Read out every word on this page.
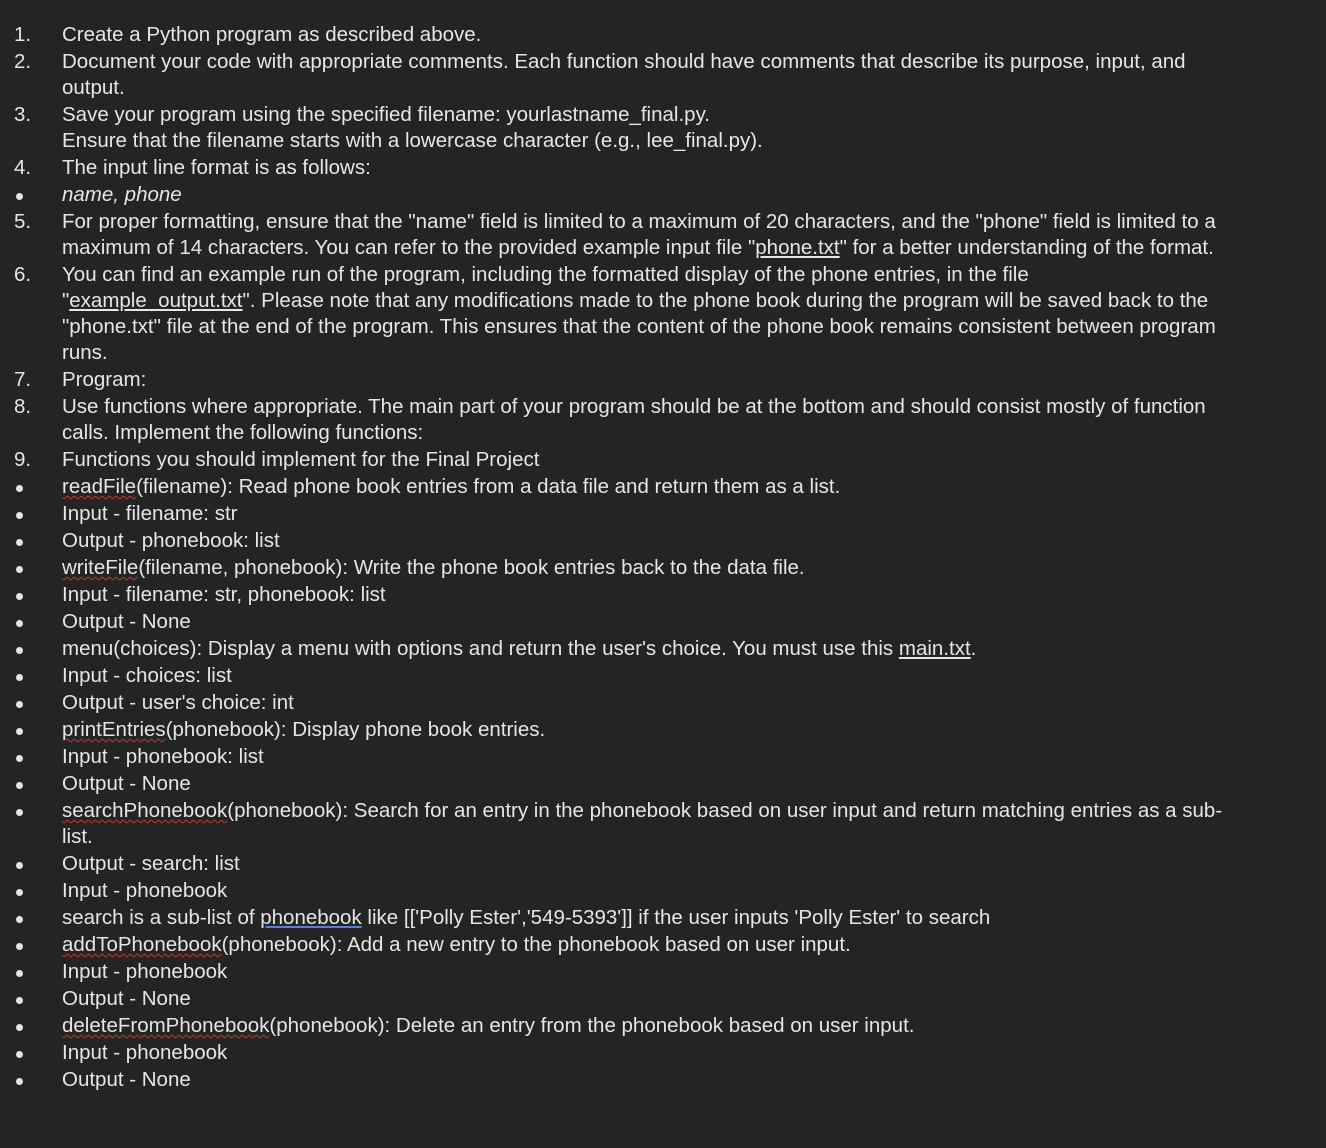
1.	Create a Python program as described above.
2.	Document your code with appropriate comments. Each function should have comments that describe its purpose, input, and output.
3.	Save your program using the specified filename: yourlastname_final.py.
Ensure that the filename starts with a lowercase character (e.g., lee_final.py).
4.	The input line format is as follows:
name, phone
5.	For proper formatting, ensure that the "name" field is limited to a maximum of 20 characters, and the "phone" field is limited to a maximum of 14 characters. You can refer to the provided example input file "phone.txt" for a better understanding of the format.
6.	You can find an example run of the program, including the formatted display of the phone entries, in the file "example_output.txt". Please note that any modifications made to the phone book during the program will be saved back to the "phone.txt" file at the end of the program. This ensures that the content of the phone book remains consistent between program runs.
7.	Program:
8.	Use functions where appropriate. The main part of your program should be at the bottom and should consist mostly of function calls. Implement the following functions:
9.	Functions you should implement for the Final Project
readFile(filename): Read phone book entries from a data file and return them as a list.
Input - filename: str
Output - phonebook: list
writeFile(filename, phonebook): Write the phone book entries back to the data file.
Input - filename: str, phonebook: list
Output - None
menu(choices): Display a menu with options and return the user's choice. You must use this main.txt.
Input - choices: list
Output - user's choice: int
printEntries(phonebook): Display phone book entries.
Input - phonebook: list
Output - None
searchPhonebook(phonebook): Search for an entry in the phonebook based on user input and return matching entries as a sub-list.
Output - search: list
Input - phonebook
search is a sub-list of phonebook like [['Polly Ester','549-5393']] if the user inputs 'Polly Ester' to search
addToPhonebook(phonebook): Add a new entry to the phonebook based on user input.
Input - phonebook
Output - None
deleteFromPhonebook(phonebook): Delete an entry from the phonebook based on user input.
Input - phonebook
Output - None
